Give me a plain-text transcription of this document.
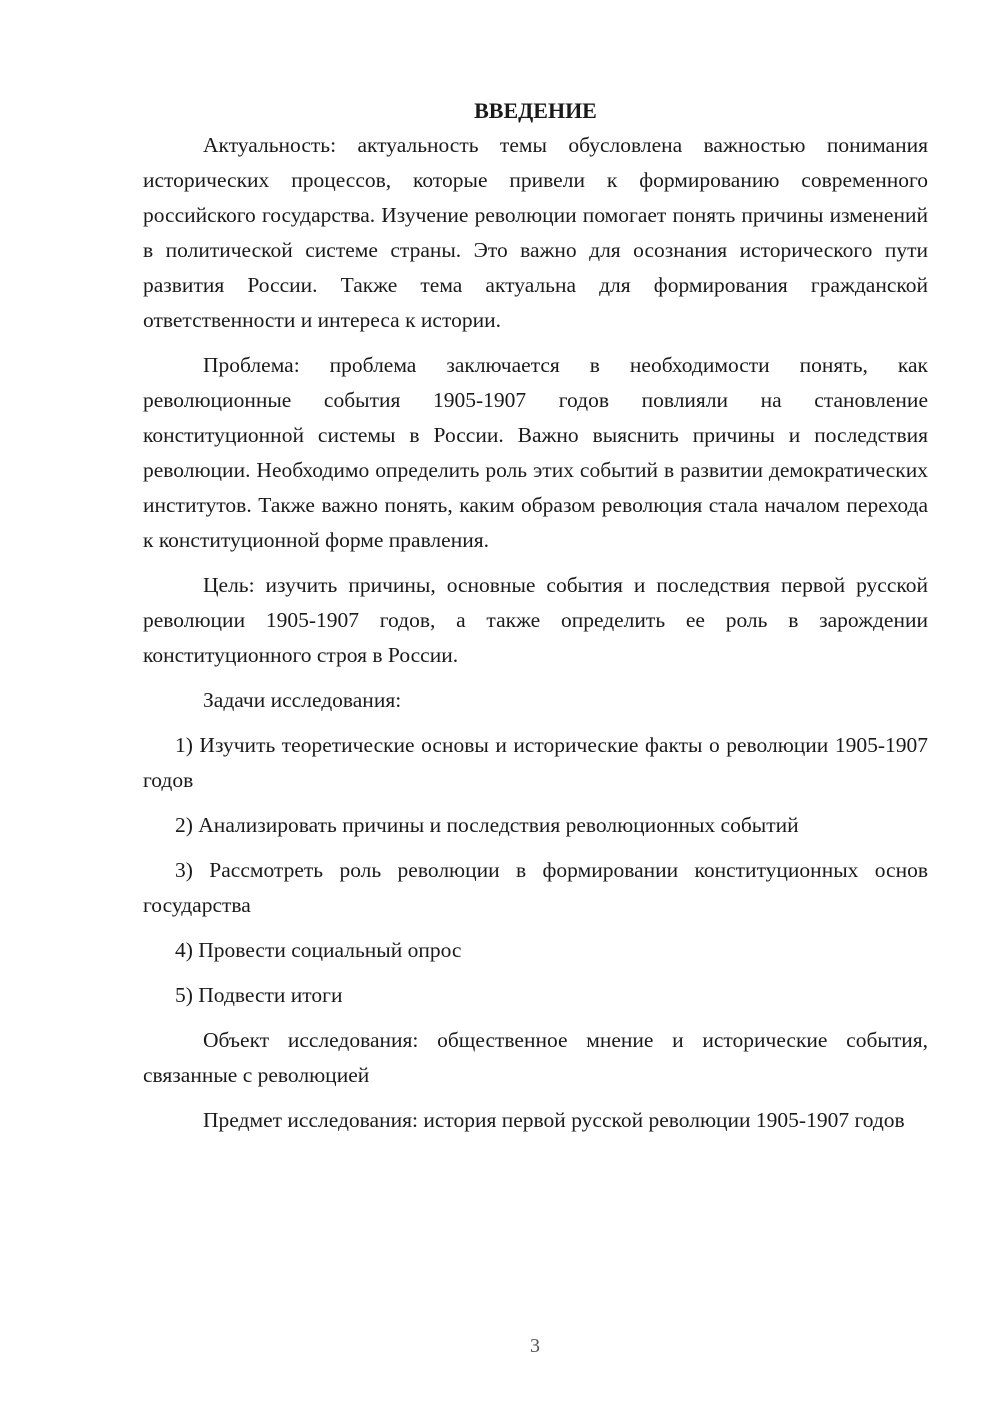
ВВЕДЕНИЕ

Актуальность: актуальность темы обусловлена важностью понимания исторических процессов, которые привели к формированию современного российского государства. Изучение революции помогает понять причины изменений в политической системе страны. Это важно для осознания исторического пути развития России. Также тема актуальна для формирования гражданской ответственности и интереса к истории.

Проблема: проблема заключается в необходимости понять, как революционные события 1905-1907 годов повлияли на становление конституционной системы в России. Важно выяснить причины и последствия революции. Необходимо определить роль этих событий в развитии демократических институтов. Также важно понять, каким образом революция стала началом перехода к конституционной форме правления.

Цель: изучить причины, основные события и последствия первой русской революции 1905-1907 годов, а также определить ее роль в зарождении конституционного строя в России.

Задачи исследования:

1) Изучить теоретические основы и исторические факты о революции 1905-1907 годов

2) Анализировать причины и последствия революционных событий

3) Рассмотреть роль революции в формировании конституционных основ государства

4) Провести социальный опрос

5) Подвести итоги

Объект исследования: общественное мнение и исторические события, связанные с революцией

Предмет исследования: история первой русской революции 1905-1907 годов

3
